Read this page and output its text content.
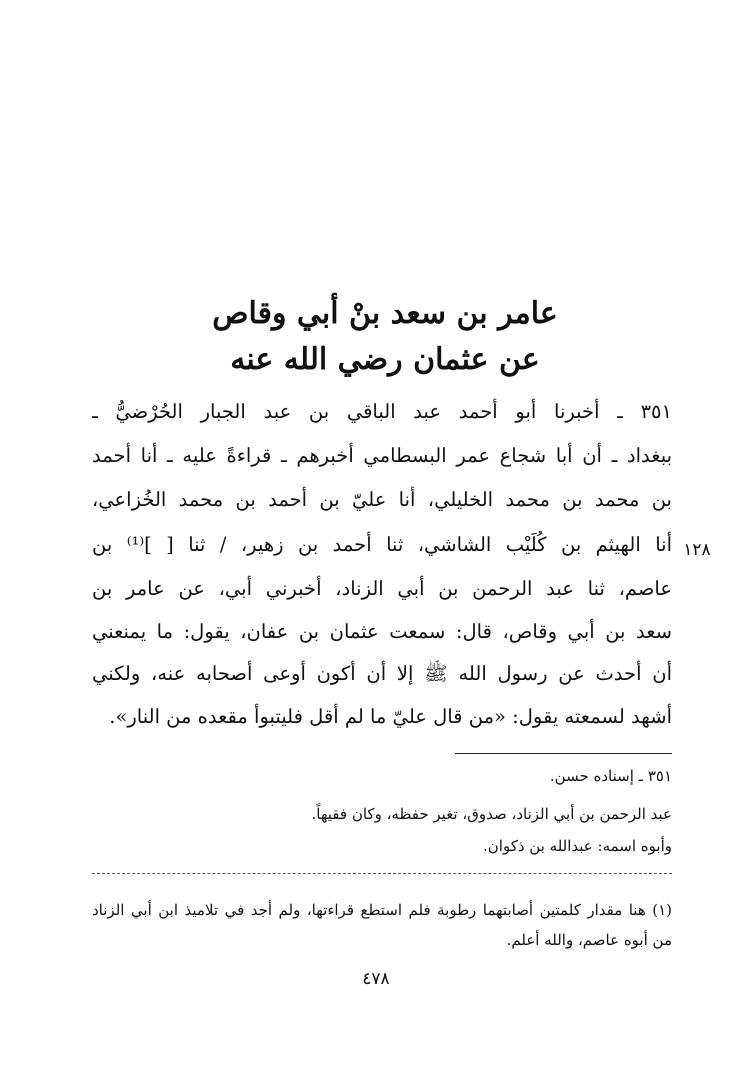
عامر بن سعد بنْ أبي وقاص
عن عثمان رضي الله عنه
٣٥١ ـ أخبرنا أبو أحمد عبد الباقي بن عبد الجبار الحُرْضيُّ ـ
ببغداد ـ أن أبا شجاع عمر البسطامي أخبرهم ـ قراءةً عليه ـ أنا أحمد
بن محمد بن محمد الخليلي، أنا عليّ بن أحمد بن محمد الخُزاعي،
أنا الهيثم بن كُلَيْب الشاشي، ثنا أحمد بن زهير، / ثنا [ ]⁽¹⁾ بن
عاصم، ثنا عبد الرحمن بن أبي الزناد، أخبرني أبي، عن عامر بن
سعد بن أبي وقاص، قال: سمعت عثمان بن عفان، يقول: ما يمنعني
أن أحدث عن رسول الله ﷺ إلا أن أكون أوعى أصحابه عنه، ولكني
أشهد لسمعته يقول: «من قال عليّ ما لم أقل فليتبوأ مقعده من النار».
١٢٨
٣٥١ ـ إسناده حسن.
عبد الرحمن بن أبي الزناد، صدوق، تغير حفظه، وكان فقيهاً.
وأبوه اسمه: عبدالله بن ذكوان.
(١) هنا مقدار كلمتين أصابتهما رطوبة فلم استطع قراءتها، ولم أجد في تلاميذ ابن أبي الزناد
من أبوه عاصم، والله أعلم.
٤٧٨
